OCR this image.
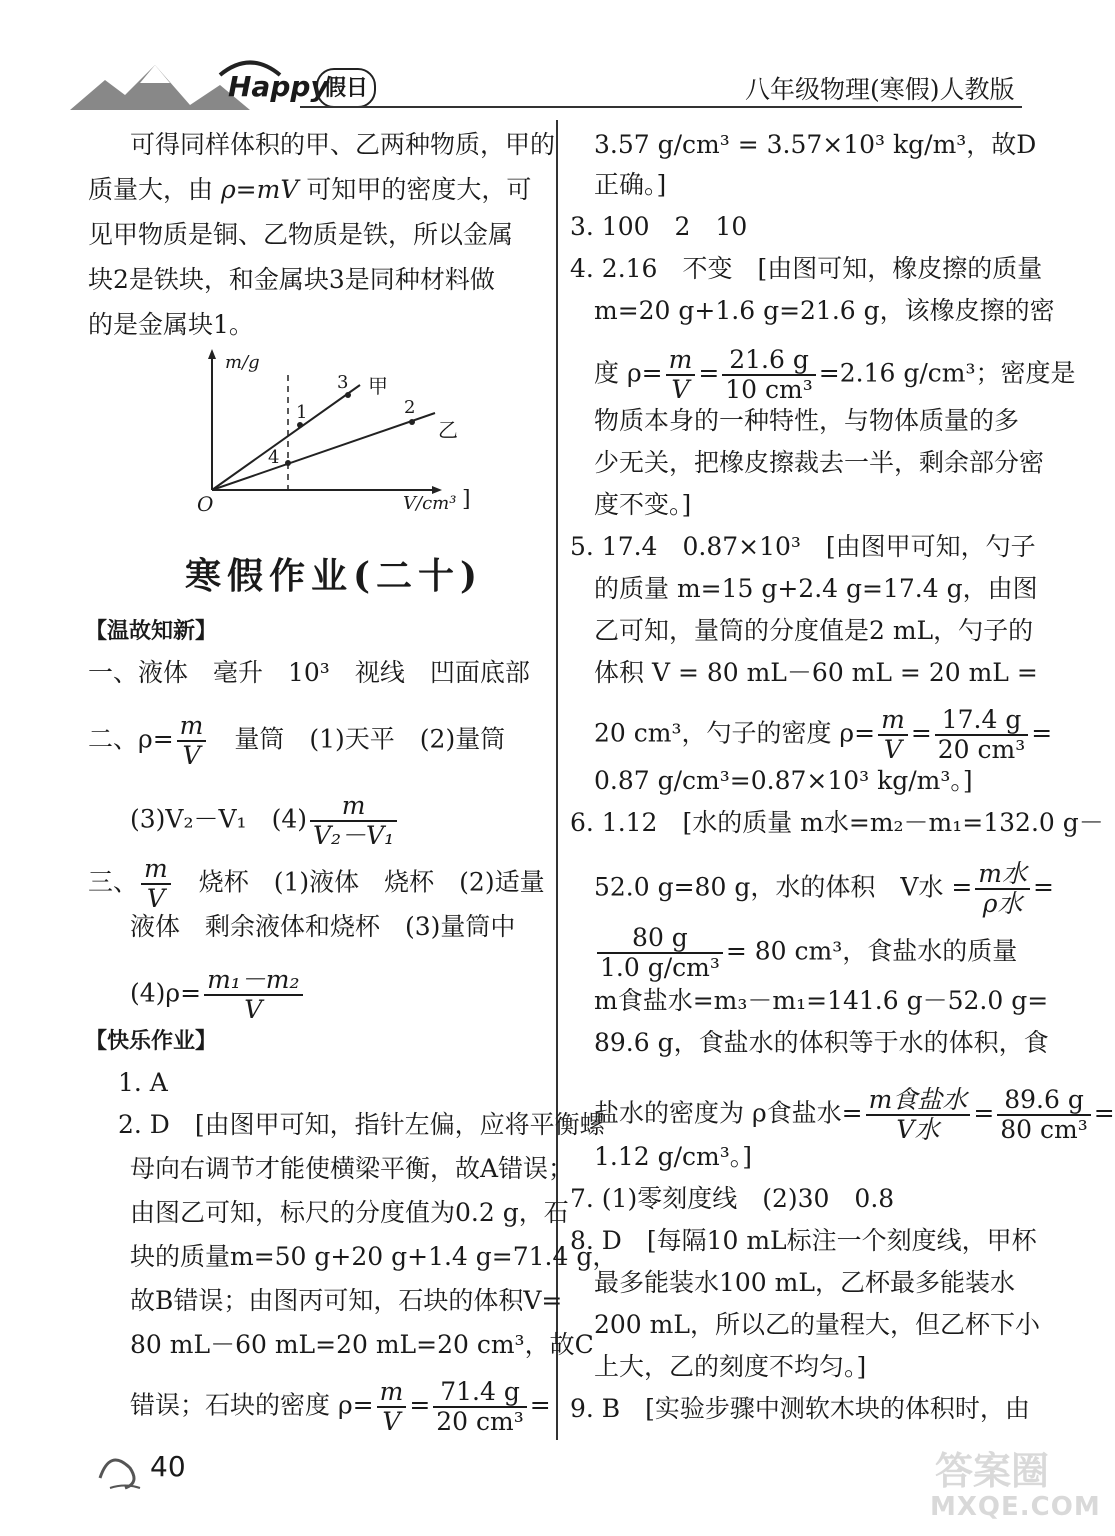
Happy
假日	八年级物理(寒假)人教版
可得同样体积的甲、乙两种物质，甲的
质量大，由 ρ=mV 可知甲的密度大，可
见甲物质是铜、乙物质是铁，所以金属
块2是铁块，和金属块3是同种材料做
的是金属块1。
m/g
O	V/cm³ ]
甲
乙
1	2
3
4
寒假作业(二十)
【温故知新】
一、液体　毫升　10³　视线　凹面底部
二、$\rho= \frac{m}{V}$
　 量筒　(1)天平　(2)量筒
(3)V₂－V₁　$(4) \frac{m}{\text{V₂－V₁}}$
三、 $\frac{m}{V}$
　 烧杯　(1)液体　烧杯　(2)适量
液体　剩余液体和烧杯　(3)量筒中
$(4)\rho= \frac{\text{m₁－m₂}}{V}$
【快乐作业】
1. A
2. D　[由图甲可知，指针左偏，应将平衡螺
母向右调节才能使横梁平衡，故A错误；
由图乙可知，标尺的分度值为0.2 g，石
块的质量m=50 g+20 g+1.4 g=71.4 g，
故B错误；由图丙可知，石块的体积V=
80 mL－60 mL=20 mL=20 cm³，故C
错误；石块的密度 $\rho= \frac{m}{V} = \frac{71.4 g}{\text{20 cm³}}$ =
40
3.57 g/cm³ = 3.57×10³ kg/m³，故D
正确。]
3. 100　2　10
4. 2.16　不变　[由图可知，橡皮擦的质量
m=20 g+1.6 g=21.6 g，该橡皮擦的密
度 $\rho= \frac{m}{V} = \frac{21.6 g}{\text{10 cm³}} =2.16$ g/cm³；密度是
物质本身的一种特性，与物体质量的多
少无关，把橡皮擦裁去一半，剩余部分密
度不变。]
5. 17.4　0.87×10³　[由图甲可知，勺子
的质量 m=15 g+2.4 g=17.4 g，由图
乙可知，量筒的分度值是2 mL，勺子的
体积 V = 80 mL－60 mL = 20 mL =
20 cm³，勺子的密度 $\rho= \frac{m}{V} = \frac{17.4 g}{\text{20 cm³}}$ =
0.87 g/cm³=0.87×10³ kg/m³。]
6. 1.12　[水的质量 m水=m₂－m₁=132.0 g－
52.0 g=80 g，水的体积　V水 = $\frac{\text{m水}}{\text{ρ水}}$ =
$\frac{80 g}{\text{1.0 g/cm³}} = 80$ cm³，食盐水的质量
m食盐水=m₃－m₁=141.6 g－52.0 g=
89.6 g，食盐水的体积等于水的体积，食
盐水的密度为 ρ食盐水= $\frac{\text{m食盐水}}{\text{V水}} = \frac{89.6 g}{\text{80 cm³}}$ =
1.12 g/cm³。]
7. (1)零刻度线　(2)30　0.8
8. D　[每隔10 mL标注一个刻度线，甲杯
最多能装水100 mL，乙杯最多能装水
200 mL，所以乙的量程大，但乙杯下小
上大，乙的刻度不均匀。]
9. B　[实验步骤中测软木块的体积时，由
答案圈
MXQE.COM
